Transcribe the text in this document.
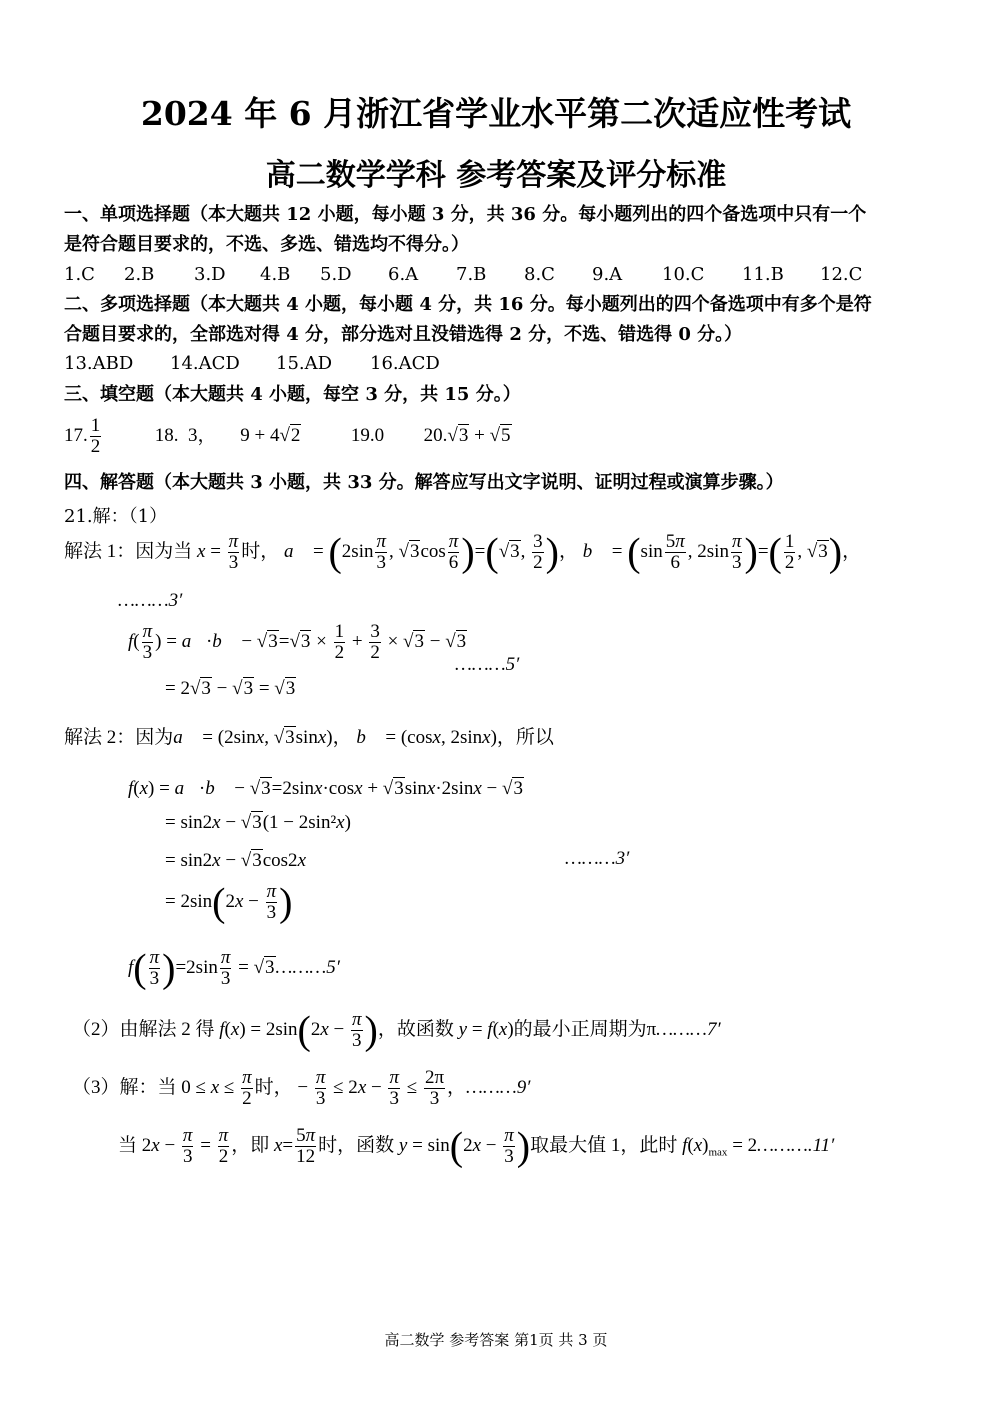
2024 年 6 月浙江省学业水平第二次适应性考试
高二数学学科 参考答案及评分标准
一、单项选择题（本大题共 12 小题，每小题 3 分，共 36 分。每小题列出的四个备选项中只有一个
是符合题目要求的，不选、多选、错选均不得分。）
1.C 2.B 3.D 4.B 5.D 6.A 7.B 8.C 9.A 10.C 11.B 12.C
二、多项选择题（本大题共 4 小题，每小题 4 分，共 16 分。每小题列出的四个备选项中有多个是符
合题目要求的，全部选对得 4 分，部分选对且没错选得 2 分，不选、错选得 0 分。）
13.ABD 14.ACD 15.AD 16.ACD
三、填空题（本大题共 4 小题，每空 3 分，共 15 分。）
17. $\frac{1}{2}$	18. 3， 9 + 4√2	19.0 20.√3 + √5
四、解答题（本大题共 3 小题，共 33 分。解答应写出文字说明、证明过程或演算步骤。）
21.解：（1）
解法 1：因为当 $x = \frac{\pi}{3}$ 时， a⃗ = ($2\sin \frac{\pi}{3}$ , $√3\cos \frac{\pi}{6} )=(√3$, $\frac{3}{2}$ )， b⃗ = ($\sin \frac{5\pi}{6}$ , $2\sin \frac{\pi}{3}$ )=( $\frac{1}{2}$ , √3)，
………3′
$f( \frac{\pi}{3}$ ) = a⃗·b⃗ − $√3=√3 \times \frac{1}{2} + \frac{3}{2} \times √3 - √3$
………5′
= 2√3 − √3 = √3
解法 2：因为a⃗ = (2sinx, √3sinx)， b⃗ = (cosx, 2sinx)，所以
f(x) = a⃗·b⃗ − √3=2sinx·cosx + √3sinx·2sinx − √3
= sin2x − √3(1 − 2sin²x)
= sin2x − √3cos2x	………3′
= $2\sin(2x - \frac{\pi}{3}$ )
$f( \frac{\pi}{3} )=2\sin \frac{\pi}{3}$ = √3………5′
（2）由解法 2 得 $f(x) = 2\sin(2x - \frac{\pi}{3}$ )，故函数 y = f(x)的最小正周期为π………7′
（3）解：当 $0 \le x \le \frac{\pi}{2}$ 时， − $\frac{\pi}{3} \le 2x - \frac{\pi}{3} \le \frac{2\pi}{3}$ ，………9′
当 $2x - \frac{\pi}{3} = \frac{\pi}{2}$ ，即 $x= \frac{5\pi}{12}$ 时，函数 $y = \sin(2x - \frac{\pi}{3}$ )取最大值 1，此时 $f(x)_{max}$ = 2……….11′
高二数学 参考答案 第1页 共 3 页
